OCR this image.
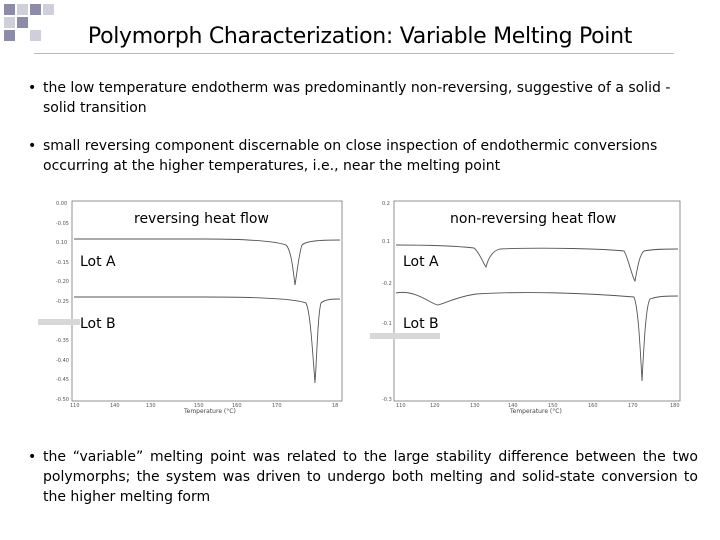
Polymorph Characterization: Variable Melting Point
• the low temperature endotherm was predominantly non-reversing, suggestive of a solid -solid transition
• small reversing component discernable on close inspection of endothermic conversions occurring at the higher temperatures, i.e., near the melting point
0.00
-0.05
0.10
-0.15
-0.20
-0.25
-0.35
-0.40
-0.45
-0.50
110	140	130	150	160	170	18
Temperature (°C)
reversing heat flow
Lot A
Lot B
0.2
0.1
-0.2
-0.1
-0.3
110	120	130	140	150	160	170	180
Temperature (°C)
non-reversing heat flow
Lot A
Lot B
• the “variable” melting point was related to the large stability difference between the two polymorphs; the system was driven to undergo both melting and solid-state conversion to the higher melting form
